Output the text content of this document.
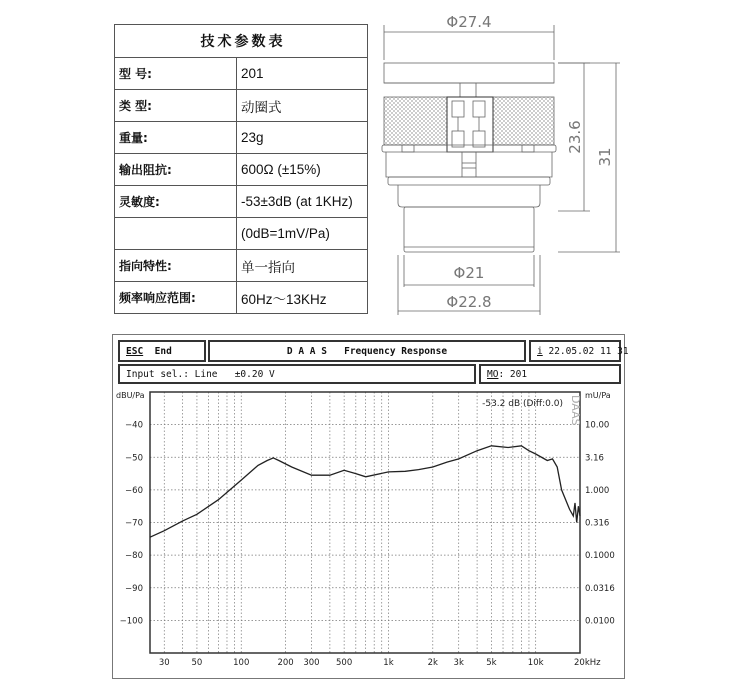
技术参数表	
型 号:	201
类 型:	动圈式
重量:	23g
输出阻抗:	600Ω (±15%)
灵敏度:	-53±3dB (at 1KHz)
	(0dB=1mV/Pa)
指向特性:	单一指向
频率响应范围:	60Hz～13KHz
Φ27.4
Φ21
Φ22.8
23.6
31
ESC
End	D A A S   Frequency Response	i
22.05.02 11 31
Input sel.: Line
±0.20 V	MO : 201
−40	10.00
−50	3.16
−60	1.000
−70	0.316
−80	0.1000
−90	0.0316
−100	0.0100
30	50	100	200 300 500	1k	2k 3k	5k	10k	20kHz
dBU/Pa	mU/Pa
-53.2 dB (Diff:0.0) DAAS
